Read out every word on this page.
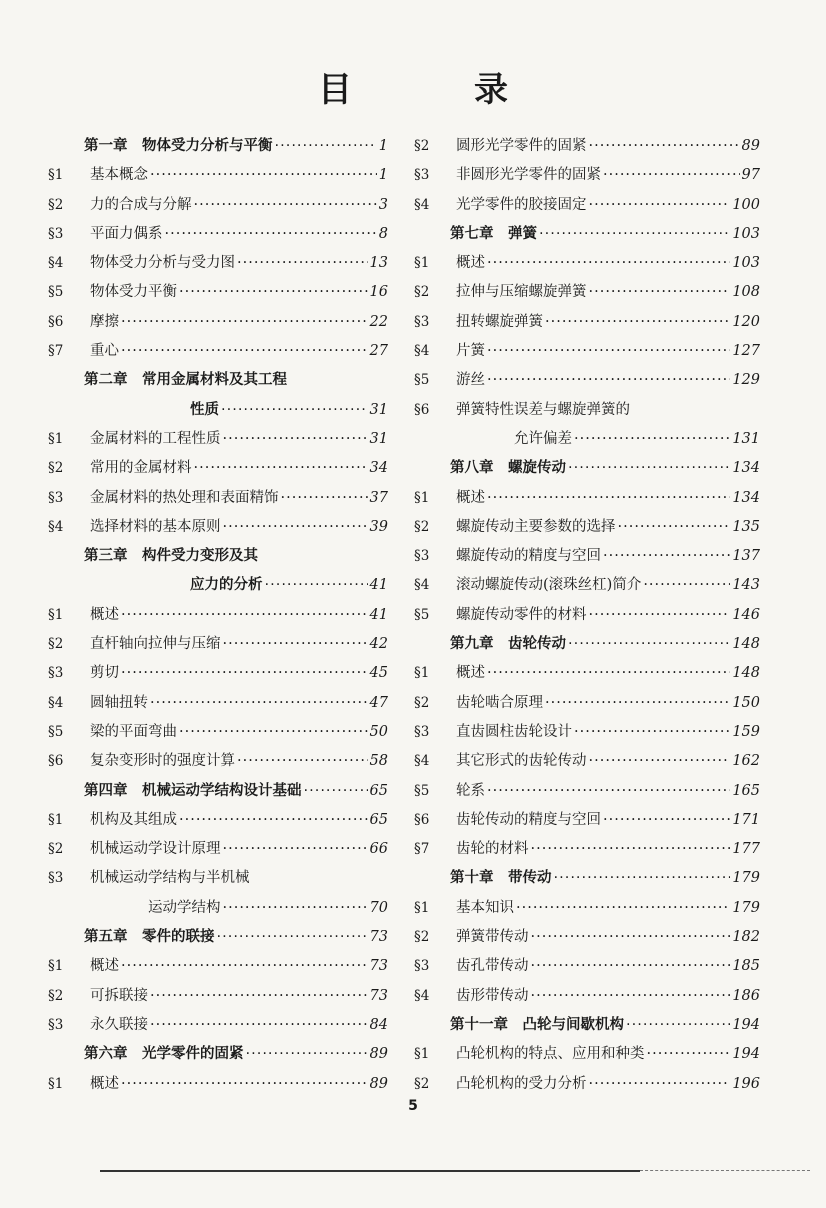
目　录
第一章　物体受力分析与平衡 ·····	1
§1	基本概念 ·····	1
§2	力的合成与分解 ·····	3
§3	平面力偶系 ·····	8
§4	物体受力分析与受力图 ·····	13
§5	物体受力平衡 ·····	16
§6	摩擦 ·····	22
§7	重心 ·····	27
第二章　常用金属材料及其工程
性质 ·····	31
§1	金属材料的工程性质 ·····	31
§2	常用的金属材料 ·····	34
§3	金属材料的热处理和表面精饰 ·····	37
§4	选择材料的基本原则 ·····	39
第三章　构件受力变形及其
应力的分析 ·····	41
§1	概述 ·····	41
§2	直杆轴向拉伸与压缩 ·····	42
§3	剪切 ·····	45
§4	圆轴扭转 ·····	47
§5	梁的平面弯曲 ·····	50
§6	复杂变形时的强度计算 ·····	58
第四章　机械运动学结构设计基础 ·····	65
§1	机构及其组成 ·····	65
§2	机械运动学设计原理 ·····	66
§3	机械运动学结构与半机械
运动学结构 ·····	70
第五章　零件的联接 ·····	73
§1	概述 ·····	73
§2	可拆联接 ·····	73
§3	永久联接 ·····	84
第六章　光学零件的固紧 ·····	89
§1	概述 ·····	89
§2	圆形光学零件的固紧 ·····	89
§3	非圆形光学零件的固紧 ·····	97
§4	光学零件的胶接固定 ·····	100
第七章　弹簧 ·····	103
§1	概述 ·····	103
§2	拉伸与压缩螺旋弹簧 ·····	108
§3	扭转螺旋弹簧 ·····	120
§4	片簧 ·····	127
§5	游丝 ·····	129
§6	弹簧特性误差与螺旋弹簧的
允许偏差 ·····	131
第八章　螺旋传动 ·····	134
§1	概述 ·····	134
§2	螺旋传动主要参数的选择 ·····	135
§3	螺旋传动的精度与空回 ·····	137
§4	滚动螺旋传动(滚珠丝杠)简介 ·····	143
§5	螺旋传动零件的材料 ·····	146
第九章　齿轮传动 ·····	148
§1	概述 ·····	148
§2	齿轮啮合原理 ·····	150
§3	直齿圆柱齿轮设计 ·····	159
§4	其它形式的齿轮传动 ·····	162
§5	轮系 ·····	165
§6	齿轮传动的精度与空回 ·····	171
§7	齿轮的材料 ·····	177
第十章　带传动 ·····	179
§1	基本知识 ·····	179
§2	弹簧带传动 ·····	182
§3	齿孔带传动 ·····	185
§4	齿形带传动 ·····	186
第十一章　凸轮与间歇机构 ·····	194
§1	凸轮机构的特点、应用和种类 ·····	194
§2	凸轮机构的受力分析 ·····	196
5
